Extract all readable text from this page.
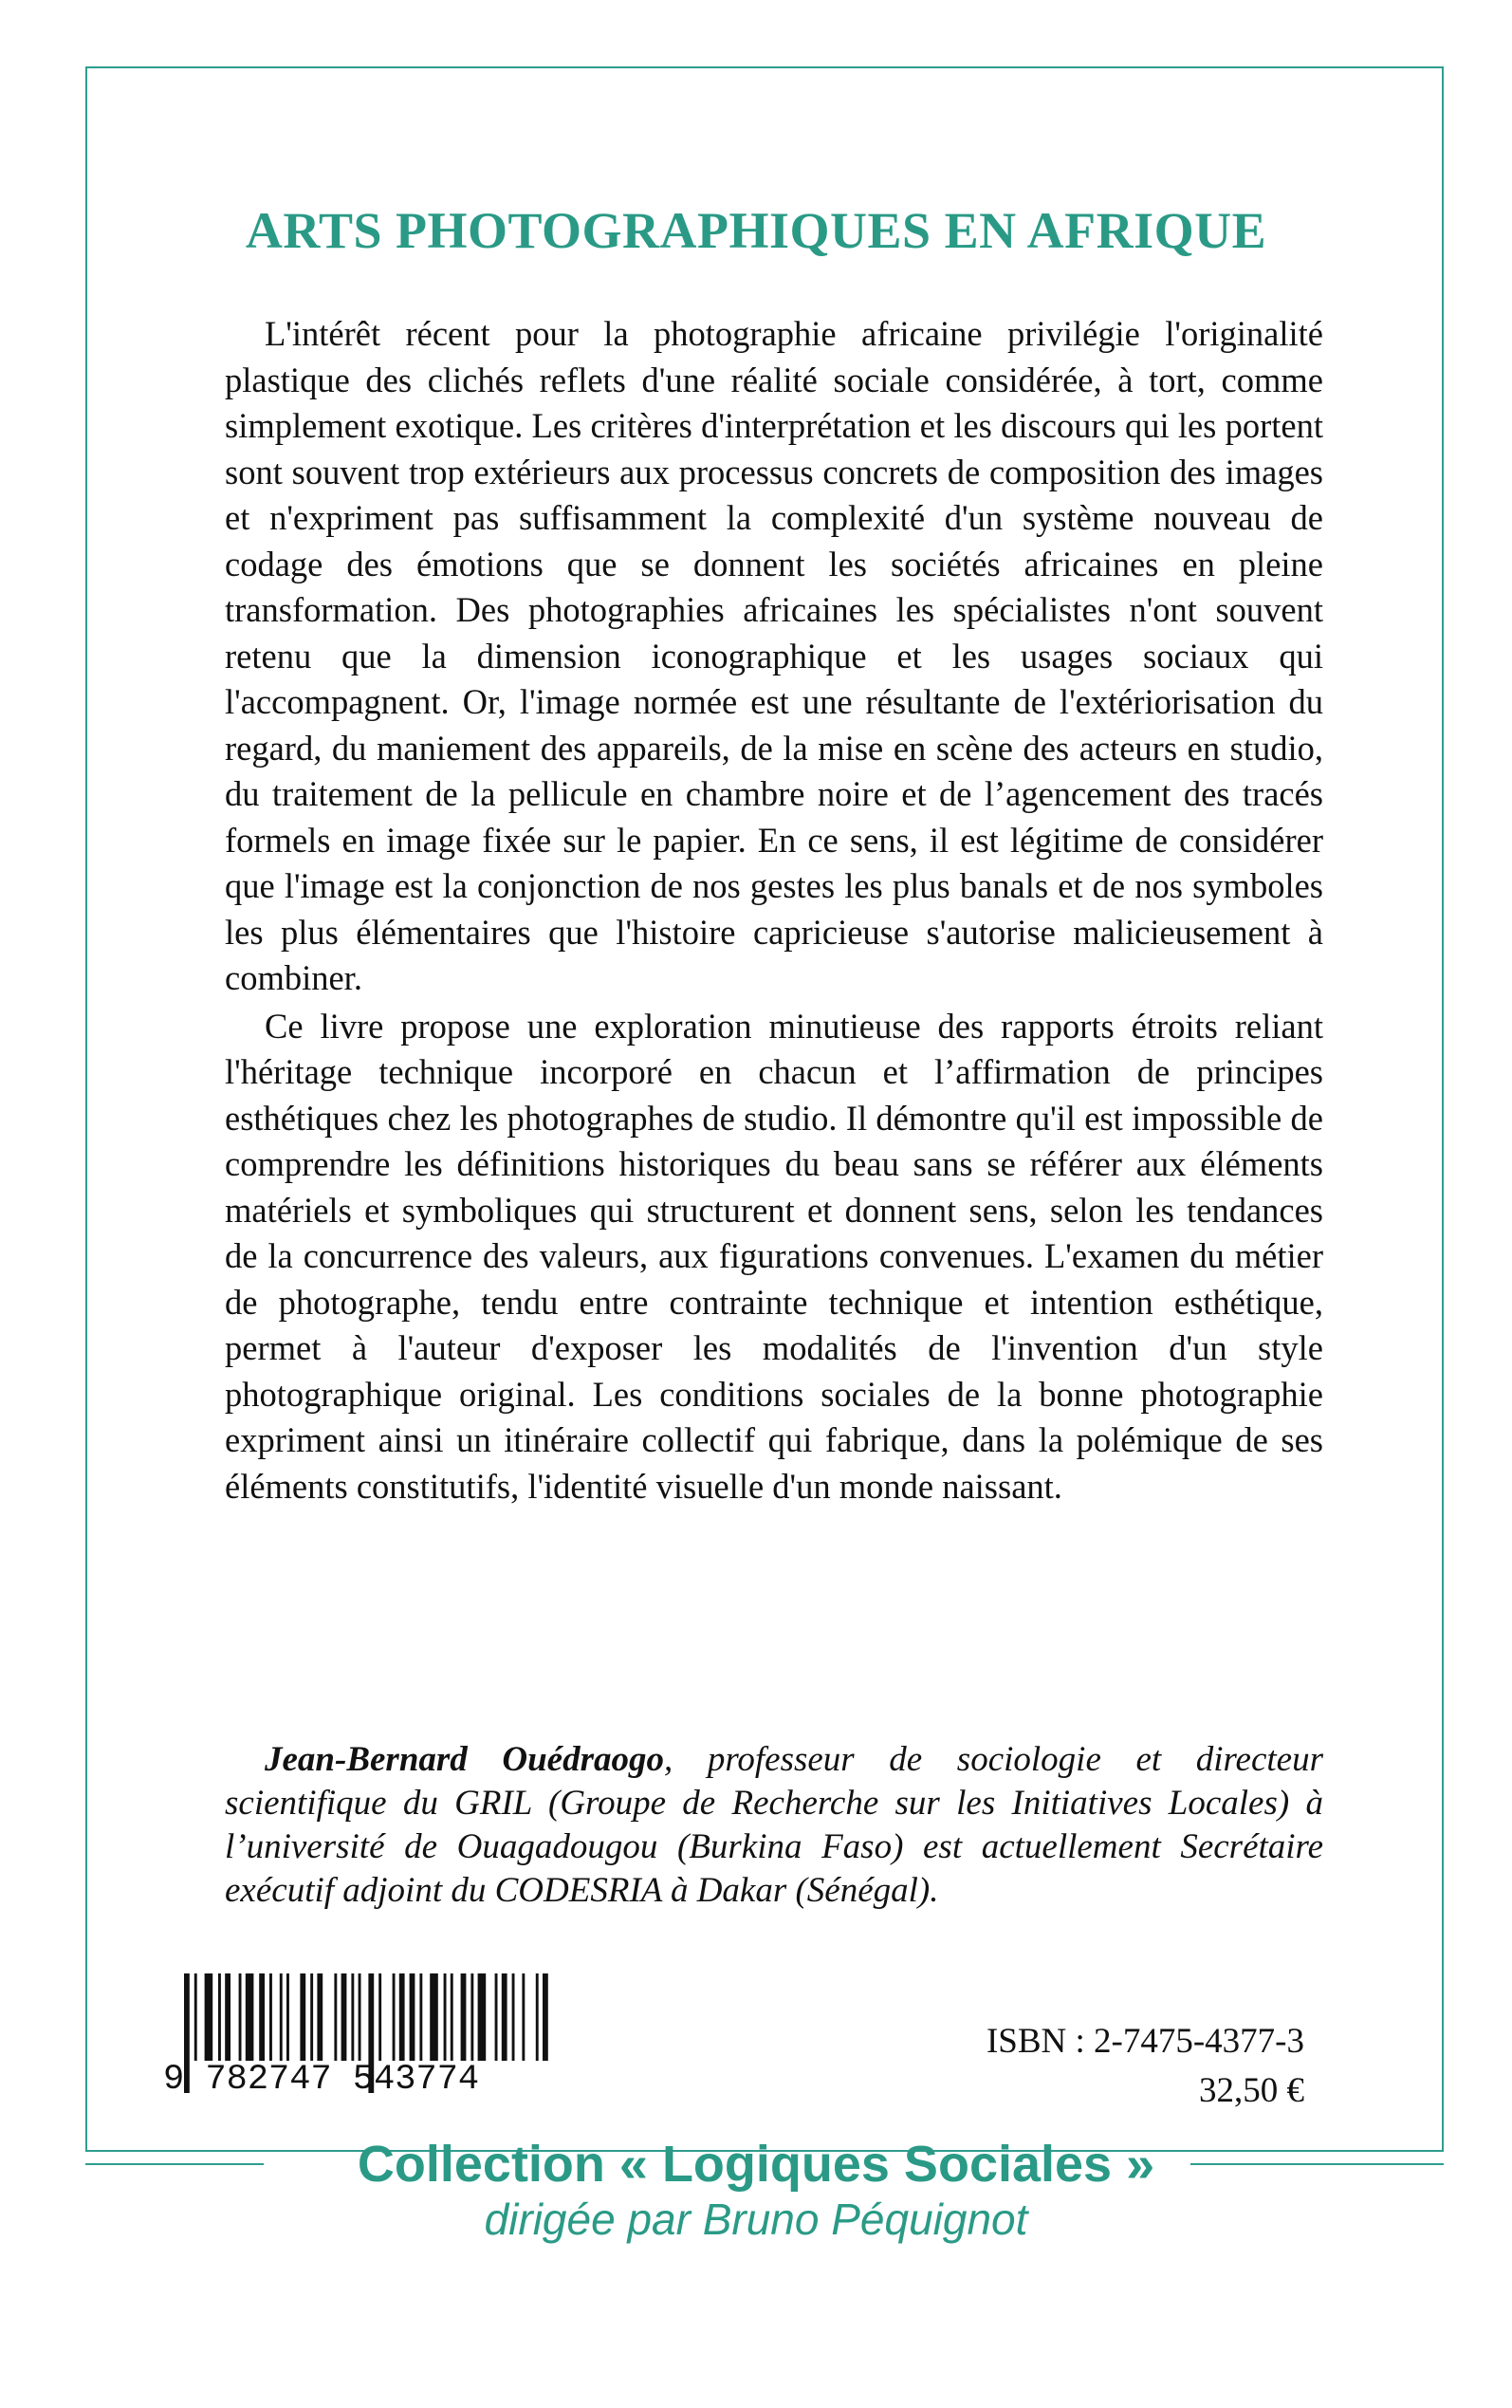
ARTS PHOTOGRAPHIQUES EN AFRIQUE

L'intérêt récent pour la photographie africaine privilégie l'originalité plastique des clichés reflets d'une réalité sociale considérée, à tort, comme simplement exotique. Les critères d'interprétation et les discours qui les portent sont souvent trop extérieurs aux processus concrets de composition des images et n'expriment pas suffisamment la complexité d'un système nouveau de codage des émotions que se donnent les sociétés africaines en pleine transformation. Des photographies africaines les spécialistes n'ont souvent retenu que la dimension iconographique et les usages sociaux qui l'accompagnent. Or, l'image normée est une résultante de l'extériorisation du regard, du maniement des appareils, de la mise en scène des acteurs en studio, du traitement de la pellicule en chambre noire et de l’agencement des tracés formels en image fixée sur le papier. En ce sens, il est légitime de considérer que l'image est la conjonction de nos gestes les plus banals et de nos symboles les plus élémentaires que l'histoire capricieuse s'autorise malicieusement à combiner.

Ce livre propose une exploration minutieuse des rapports étroits reliant l'héritage technique incorporé en chacun et l’affirmation de principes esthétiques chez les photographes de studio. Il démontre qu'il est impossible de comprendre les définitions historiques du beau sans se référer aux éléments matériels et symboliques qui structurent et donnent sens, selon les tendances de la concurrence des valeurs, aux figurations convenues. L'examen du métier de photographe, tendu entre contrainte technique et intention esthétique, permet à l'auteur d'exposer les modalités de l'invention d'un style photographique original. Les conditions sociales de la bonne photographie expriment ainsi un itinéraire collectif qui fabrique, dans la polémique de ses éléments constitutifs, l'identité visuelle d'un monde naissant.

Jean-Bernard Ouédraogo, professeur de sociologie et directeur scientifique du GRIL (Groupe de Recherche sur les Initiatives Locales) à l’université de Ouagadougou (Burkina Faso) est actuellement Secrétaire exécutif adjoint du CODESRIA à Dakar (Sénégal).

9 782747 543774
ISBN : 2-7475-4377-3
32,50 €
Collection « Logiques Sociales »
dirigée par Bruno Péquignot
